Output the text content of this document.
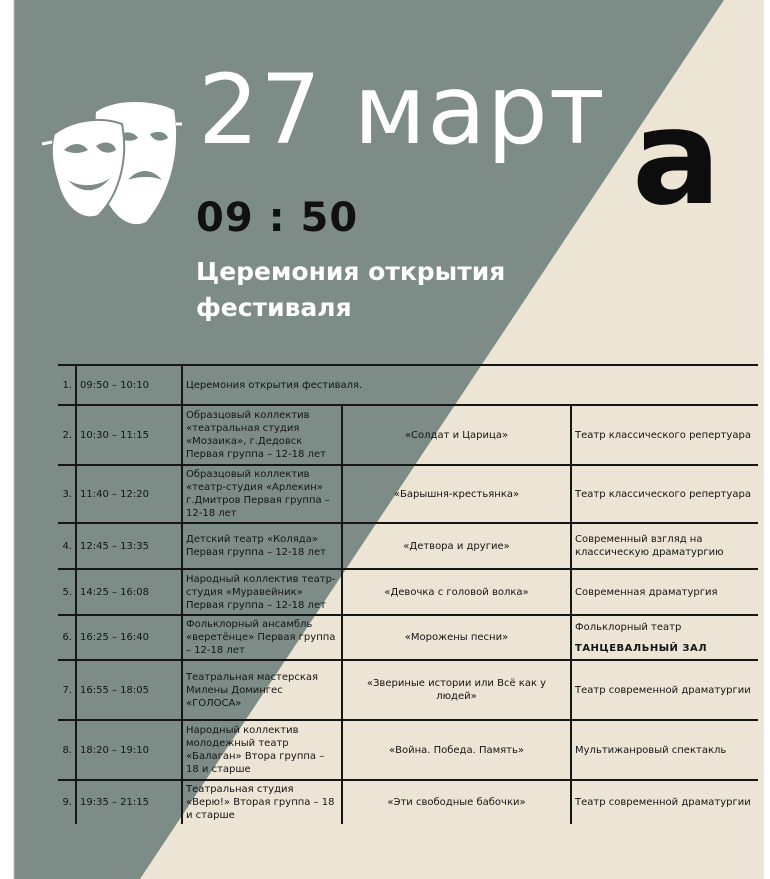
27 март а
09 : 50
Церемония открытия
фестиваля
1.	09:50 – 10:10	Церемония открытия фестиваля.		
2.	10:30 – 11:15	Образцовый коллектив «театральная студия «Мозаика», г.Дедовск Первая группа – 12-18 лет	«Солдат и Царица»	Театр классического репертуара
3.	11:40 – 12:20	Образцовый коллектив «театр-студия «Арлекин» г.Дмитров Первая группа – 12-18 лет	«Барышня-крестьянка»	Театр классического репертуара
4.	12:45 – 13:35	Детский театр «Коляда» Первая группа – 12-18 лет	«Детвора и другие»	Современный взгляд на классическую драматургию
5.	14:25 – 16:08	Народный коллектив театр-студия «Муравейник» Первая группа – 12-18 лет	«Девочка с головой волка»	Современная драматургия
6.	16:25 – 16:40	Фольклорный ансамбль «веретёнце» Первая группа – 12-18 лет	«Морожены песни»	Фольклорный театр
ТАНЦЕВАЛЬНЫЙ ЗАЛ

7.	16:55 – 18:05	Театральная мастерская Милены Домингес «ГОЛОСА»	«Звериные истории или Всё как у людей»	Театр современной драматургии
8.	18:20 – 19:10	Народный коллектив молодежный театр «Балаган» Втора группа – 18 и старше	«Война. Победа. Память»	Мультижанровый спектакль
9.	19:35 – 21:15	Театральная студия «Верю!» Вторая группа – 18 и старше	«Эти свободные бабочки»	Театр современной драматургии
